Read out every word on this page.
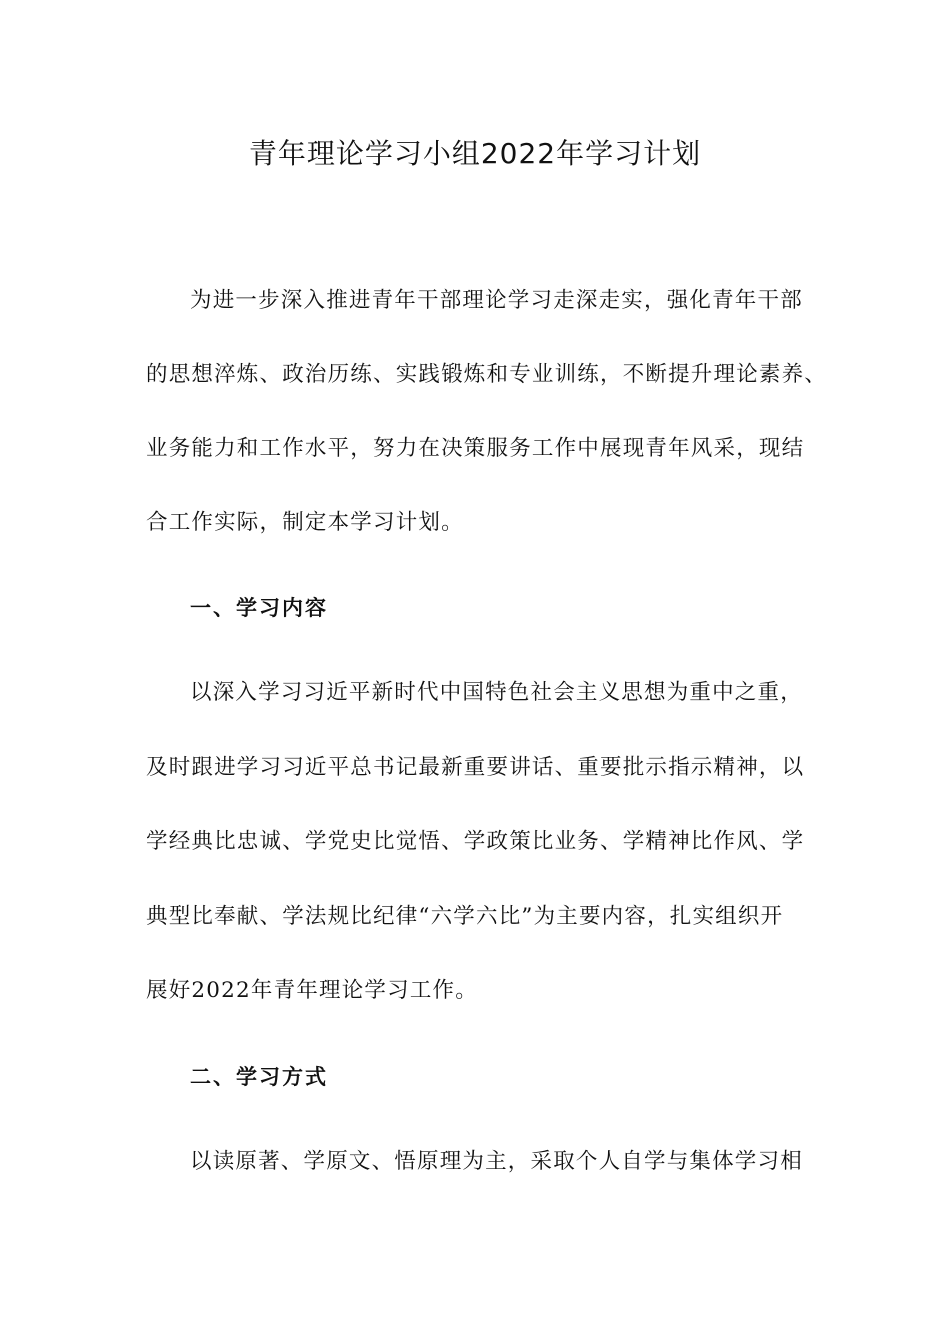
青年理论学习小组2022年学习计划
为进一步深入推进青年干部理论学习走深走实，强化青年干部
的思想淬炼、政治历练、实践锻炼和专业训练，不断提升理论素养、
业务能力和工作水平，努力在决策服务工作中展现青年风采，现结
合工作实际，制定本学习计划。
一、学习内容
以深入学习习近平新时代中国特色社会主义思想为重中之重，
及时跟进学习习近平总书记最新重要讲话、重要批示指示精神，以
学经典比忠诚、学党史比觉悟、学政策比业务、学精神比作风、学
典型比奉献、学法规比纪律“六学六比”为主要内容，扎实组织开
展好2022年青年理论学习工作。
二、学习方式
以读原著、学原文、悟原理为主，采取个人自学与集体学习相
